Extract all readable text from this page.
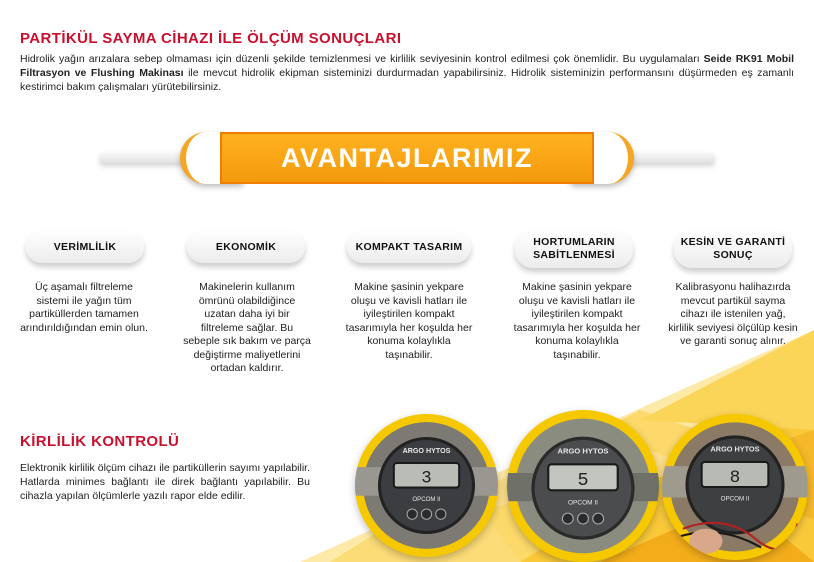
PARTİKÜL SAYMA CİHAZI İLE ÖLÇÜM SONUÇLARI
Hidrolik yağın arızalara sebep olmaması için düzenli şekilde temizlenmesi ve kirlilik seviyesinin kontrol edilmesi çok önemlidir. Bu uygulamaları Seide RK91 Mobil Filtrasyon ve Flushing Makinası ile mevcut hidrolik ekipman sisteminizi durdurmadan yapabilirsiniz. Hidrolik sisteminizin performansını düşürmeden eş zamanlı kestirimci bakım çalışmaları yürütebilirsiniz.
AVANTAJLARIMIZ
VERİMLİLİK
Üç aşamalı filtreleme sistemi ile yağın tüm partiküllerden tamamen arındırıldığından emin olun.
EKONOMİK
Makinelerin kullanım ömrünü olabildiğince uzatan daha iyi bir filtreleme sağlar. Bu sebeple sık bakım ve parça değiştirme maliyetlerini ortadan kaldırır.
KOMPAKT TASARIM
Makine şasinin yekpare oluşu ve kavisli hatları ile iyileştirilen kompakt tasarımıyla her koşulda her konuma kolaylıkla taşınabilir.
HORTUMLARIN SABİTLENMESİ
Makine şasinin yekpare oluşu ve kavisli hatları ile iyileştirilen kompakt tasarımıyla her koşulda her konuma kolaylıkla taşınabilir.
KESİN VE GARANTİ SONUÇ
Kalibrasyonu halihazırda mevcut partikül sayma cihazı ile istenilen yağ, kirlilik seviyesi ölçülüp kesin ve garanti sonuç alınır.
KİRLİLİK KONTROLÜ
Elektronik kirlilik ölçüm cihazı ile partiküllerin sayımı yapılabilir. Hatlarda minimes bağlantı ile direk bağlantı yapılabilir. Bu cihazla yapılan ölçümlerle yazılı rapor elde edilir.
ARGO HYTOS
3
OPCOM II
ARGO HYTOS
5
OPCOM II
ARGO HYTOS
8
OPCOM II
